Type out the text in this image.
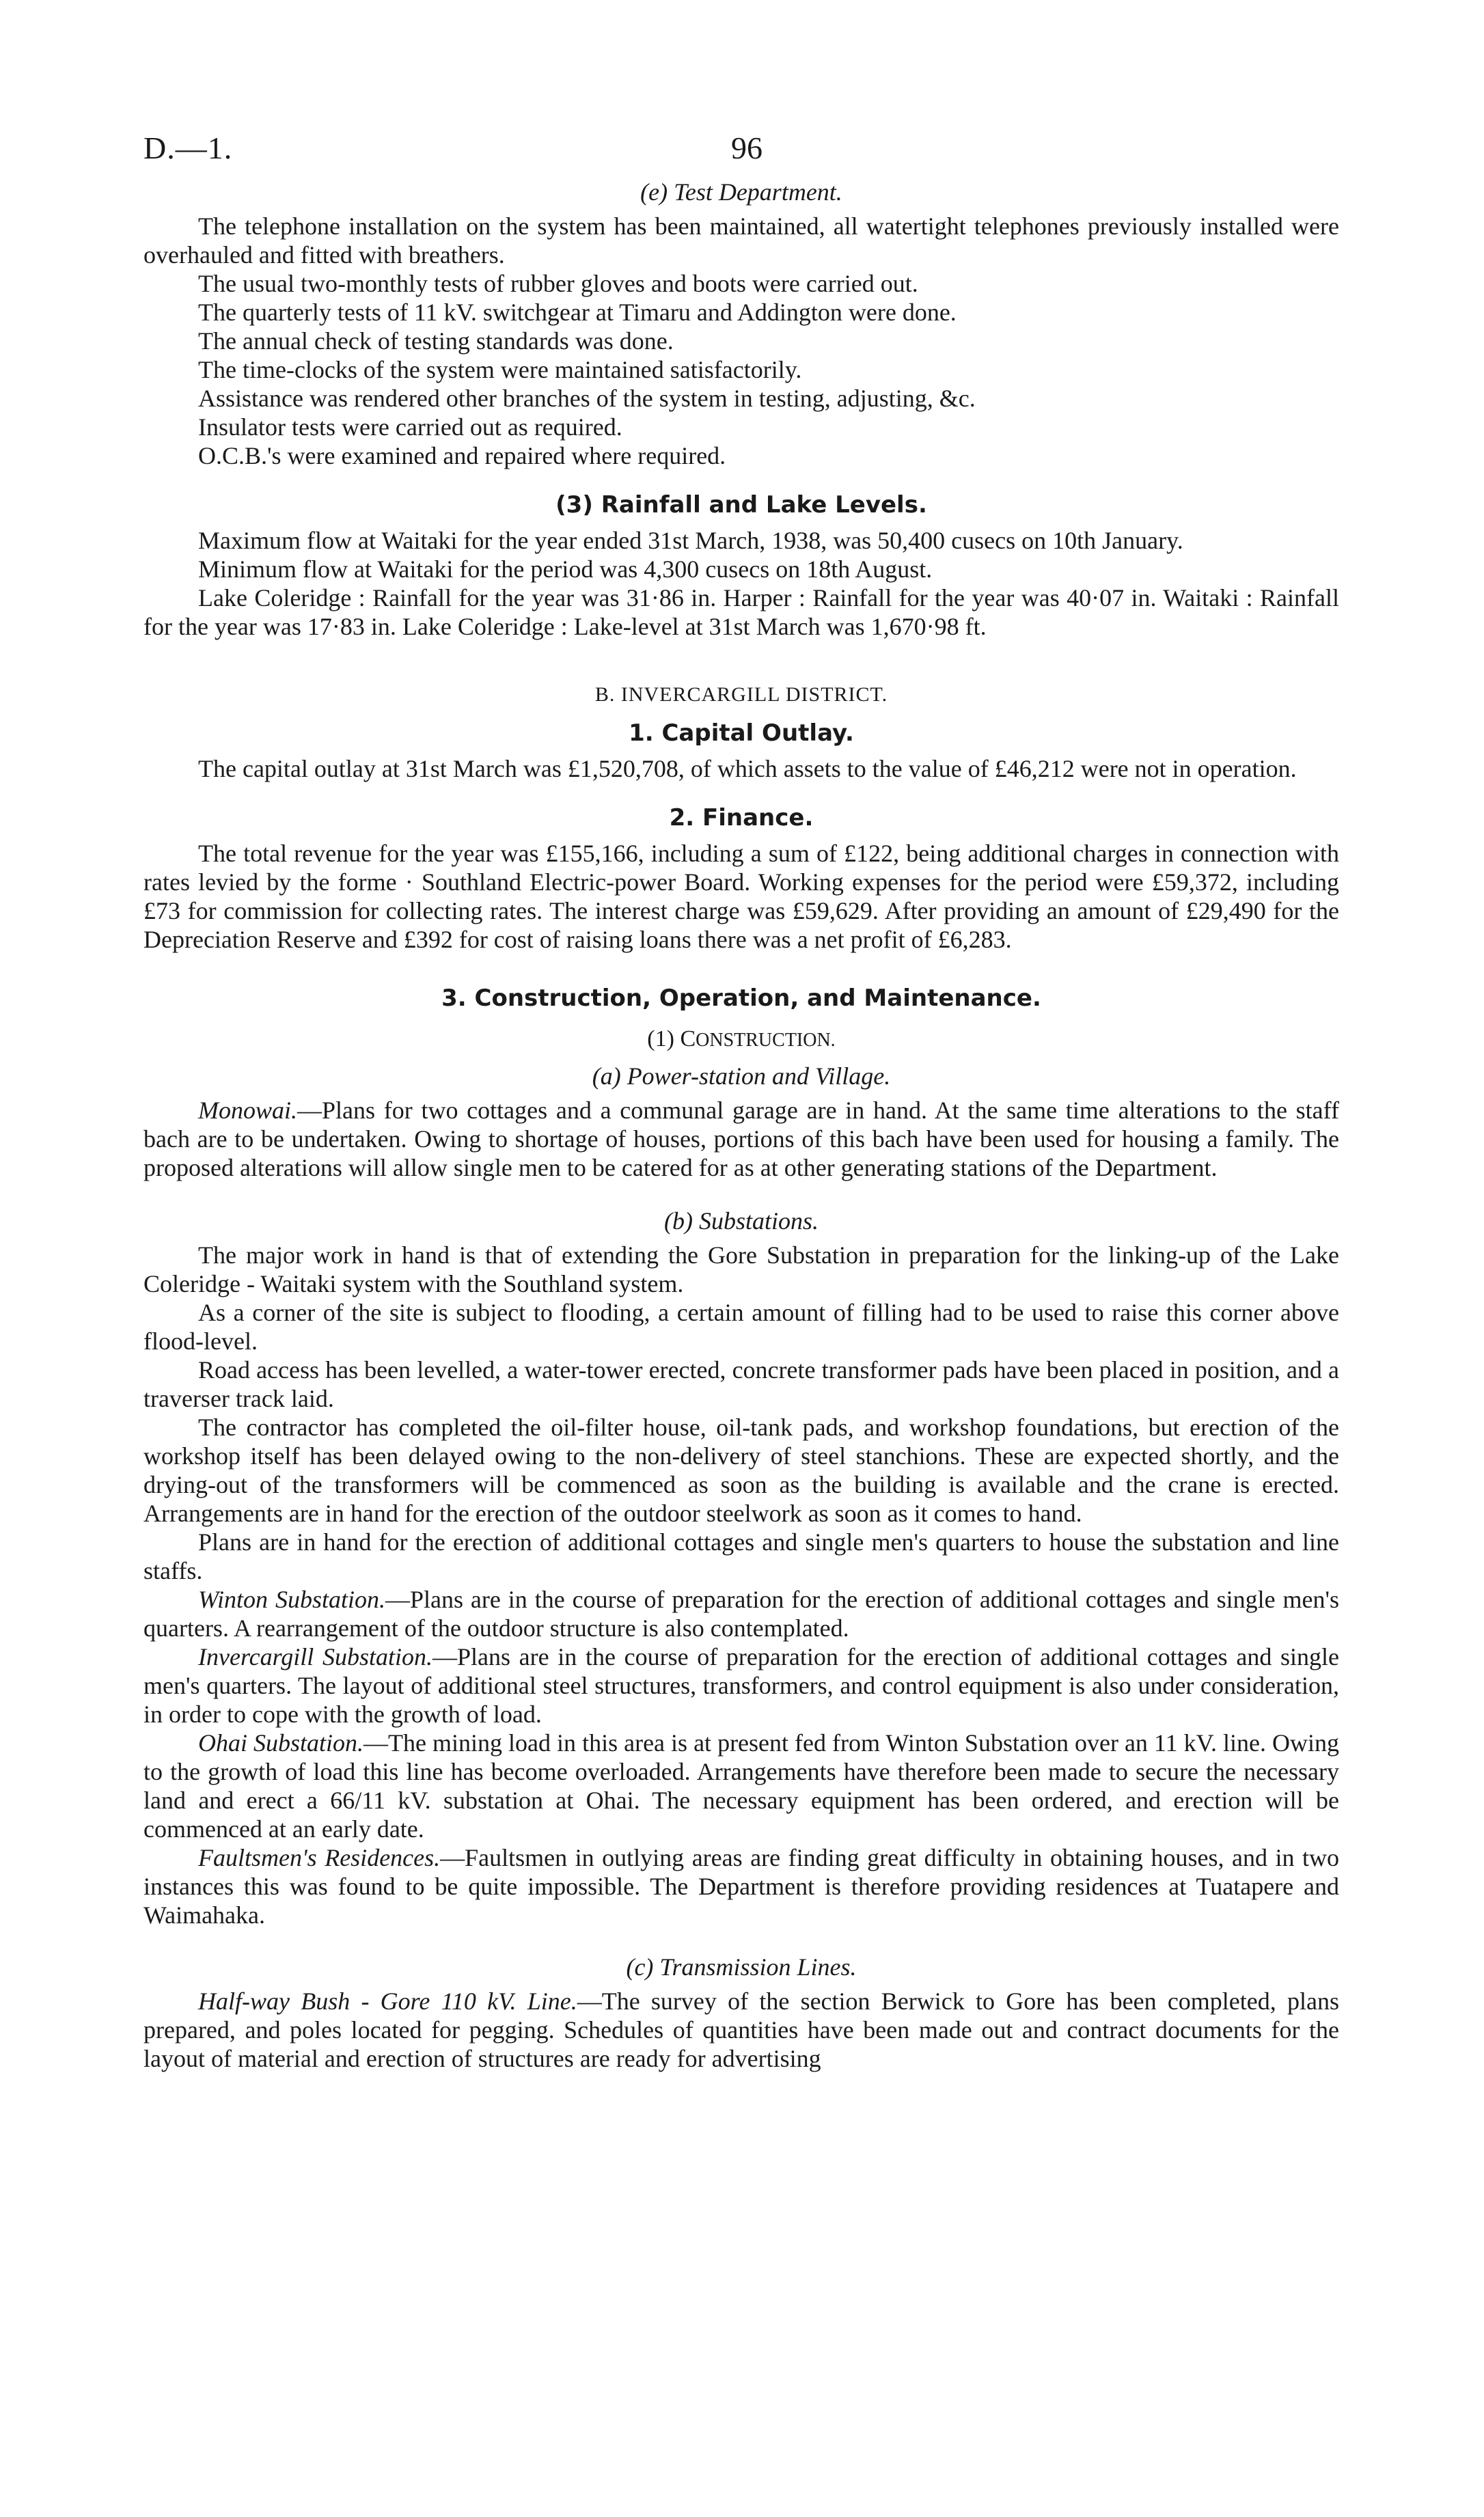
D.—1.	96

(e) Test Department.

The telephone installation on the system has been maintained, all watertight telephones previously installed were overhauled and fitted with breathers.

The usual two-monthly tests of rubber gloves and boots were carried out.

The quarterly tests of 11 kV. switchgear at Timaru and Addington were done.

The annual check of testing standards was done.

The time-clocks of the system were maintained satisfactorily.

Assistance was rendered other branches of the system in testing, adjusting, &c.

Insulator tests were carried out as required.

O.C.B.'s were examined and repaired where required.

(3) Rainfall and Lake Levels.

Maximum flow at Waitaki for the year ended 31st March, 1938, was 50,400 cusecs on 10th January.

Minimum flow at Waitaki for the period was 4,300 cusecs on 18th August.

Lake Coleridge : Rainfall for the year was 31·86 in. Harper : Rainfall for the year was 40·07 in. Waitaki : Rainfall for the year was 17·83 in. Lake Coleridge : Lake-level at 31st March was 1,670·98 ft.

B. INVERCARGILL DISTRICT.

1. Capital Outlay.

The capital outlay at 31st March was £1,520,708, of which assets to the value of £46,212 were not in operation.

2. Finance.

The total revenue for the year was £155,166, including a sum of £122, being additional charges in connection with rates levied by the forme · Southland Electric-power Board. Working expenses for the period were £59,372, including £73 for commission for collecting rates. The interest charge was £59,629. After providing an amount of £29,490 for the Depreciation Reserve and £392 for cost of raising loans there was a net profit of £6,283.

3. Construction, Operation, and Maintenance.

(1) CONSTRUCTION.

(a) Power-station and Village.

Monowai.—Plans for two cottages and a communal garage are in hand. At the same time alterations to the staff bach are to be undertaken. Owing to shortage of houses, portions of this bach have been used for housing a family. The proposed alterations will allow single men to be catered for as at other generating stations of the Department.

(b) Substations.

The major work in hand is that of extending the Gore Substation in preparation for the linking-up of the Lake Coleridge - Waitaki system with the Southland system.

As a corner of the site is subject to flooding, a certain amount of filling had to be used to raise this corner above flood-level.

Road access has been levelled, a water-tower erected, concrete transformer pads have been placed in position, and a traverser track laid.

The contractor has completed the oil-filter house, oil-tank pads, and workshop foundations, but erection of the workshop itself has been delayed owing to the non-delivery of steel stanchions. These are expected shortly, and the drying-out of the transformers will be commenced as soon as the building is available and the crane is erected. Arrangements are in hand for the erection of the outdoor steelwork as soon as it comes to hand.

Plans are in hand for the erection of additional cottages and single men's quarters to house the substation and line staffs.

Winton Substation.—Plans are in the course of preparation for the erection of additional cottages and single men's quarters. A rearrangement of the outdoor structure is also contemplated.

Invercargill Substation.—Plans are in the course of preparation for the erection of additional cottages and single men's quarters. The layout of additional steel structures, transformers, and control equipment is also under consideration, in order to cope with the growth of load.

Ohai Substation.—The mining load in this area is at present fed from Winton Substation over an 11 kV. line. Owing to the growth of load this line has become overloaded. Arrangements have therefore been made to secure the necessary land and erect a 66/11 kV. substation at Ohai. The necessary equipment has been ordered, and erection will be commenced at an early date.

Faultsmen's Residences.—Faultsmen in outlying areas are finding great difficulty in obtaining houses, and in two instances this was found to be quite impossible. The Department is therefore providing residences at Tuatapere and Waimahaka.

(c) Transmission Lines.

Half-way Bush - Gore 110 kV. Line.—The survey of the section Berwick to Gore has been completed, plans prepared, and poles located for pegging. Schedules of quantities have been made out and contract documents for the layout of material and erection of structures are ready for advertising
